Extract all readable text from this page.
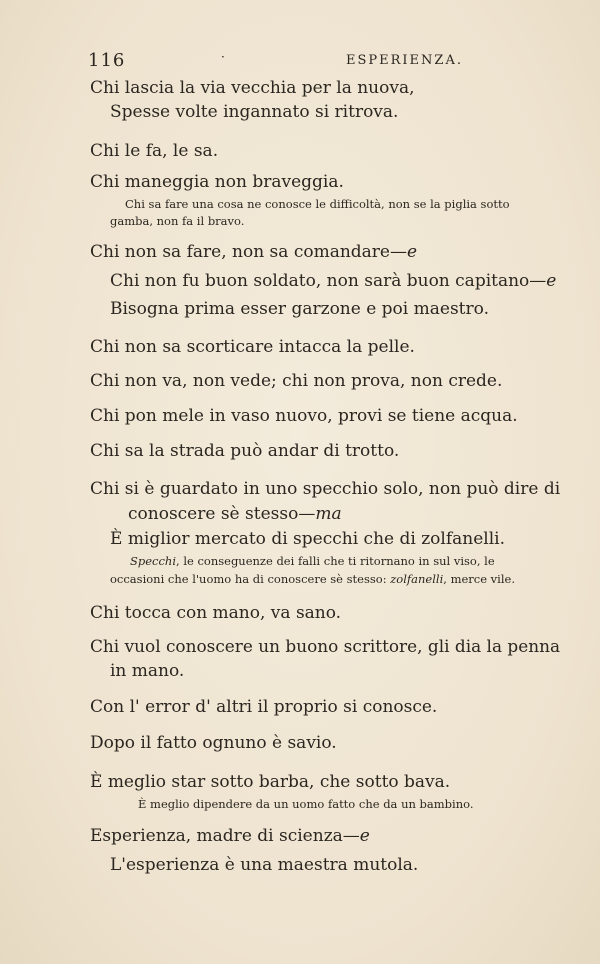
116	·	ESPERIENZA.
Chi lascia la via vecchia per la nuova,
Spesse volte ingannato si ritrova.
Chi le fa, le sa.
Chi maneggia non braveggia.
Chi sa fare una cosa ne conosce le difficoltà, non se la piglia sotto
gamba, non fa il bravo.
Chi non sa fare, non sa comandare—e
Chi non fu buon soldato, non sarà buon capitano—e
Bisogna prima esser garzone e poi maestro.
Chi non sa scorticare intacca la pelle.
Chi non va, non vede; chi non prova, non crede.
Chi pon mele in vaso nuovo, provi se tiene acqua.
Chi sa la strada può andar di trotto.
Chi si è guardato in uno specchio solo, non può dire di
conoscere sè stesso—ma
È miglior mercato di specchi che di zolfanelli.
Specchi, le conseguenze dei falli che ti ritornano in sul viso, le
occasioni che l'uomo ha di conoscere sè stesso: zolfanelli, merce vile.
Chi tocca con mano, va sano.
Chi vuol conoscere un buono scrittore, gli dia la penna
in mano.
Con l' error d' altri il proprio si conosce.
Dopo il fatto ognuno è savio.
È meglio star sotto barba, che sotto bava.
È meglio dipendere da un uomo fatto che da un bambino.
Esperienza, madre di scienza—e
L'esperienza è una maestra mutola.
